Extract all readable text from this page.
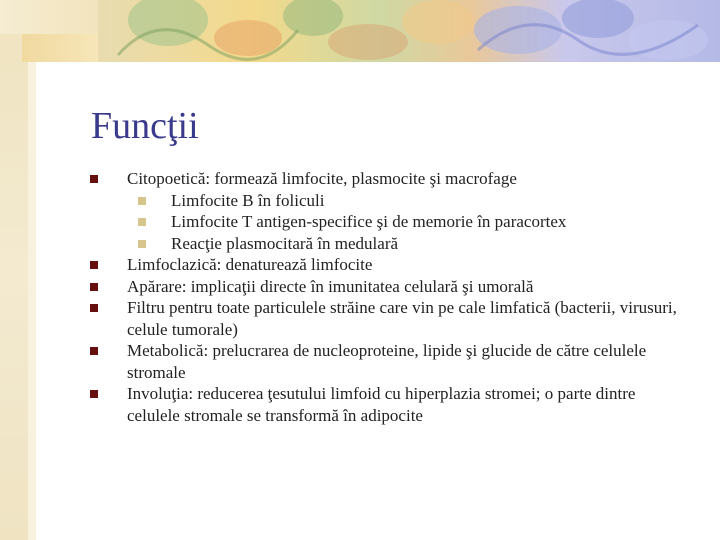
Funcţii
Citopoetică: formează limfocite, plasmocite şi macrofage
Limfocite B în foliculi
Limfocite T antigen-specifice şi de memorie în paracortex
Reacţie plasmocitară în medulară
Limfoclazică: denaturează limfocite
Apărare: implicaţii directe în imunitatea celulară şi umorală
Filtru pentru toate particulele străine care vin pe cale limfatică (bacterii, virusuri, celule tumorale)
Metabolică: prelucrarea de nucleoproteine, lipide şi glucide de către celulele stromale
Involuţia: reducerea ţesutului limfoid cu hiperplazia stromei; o parte dintre celulele stromale se transformă în adipocite
